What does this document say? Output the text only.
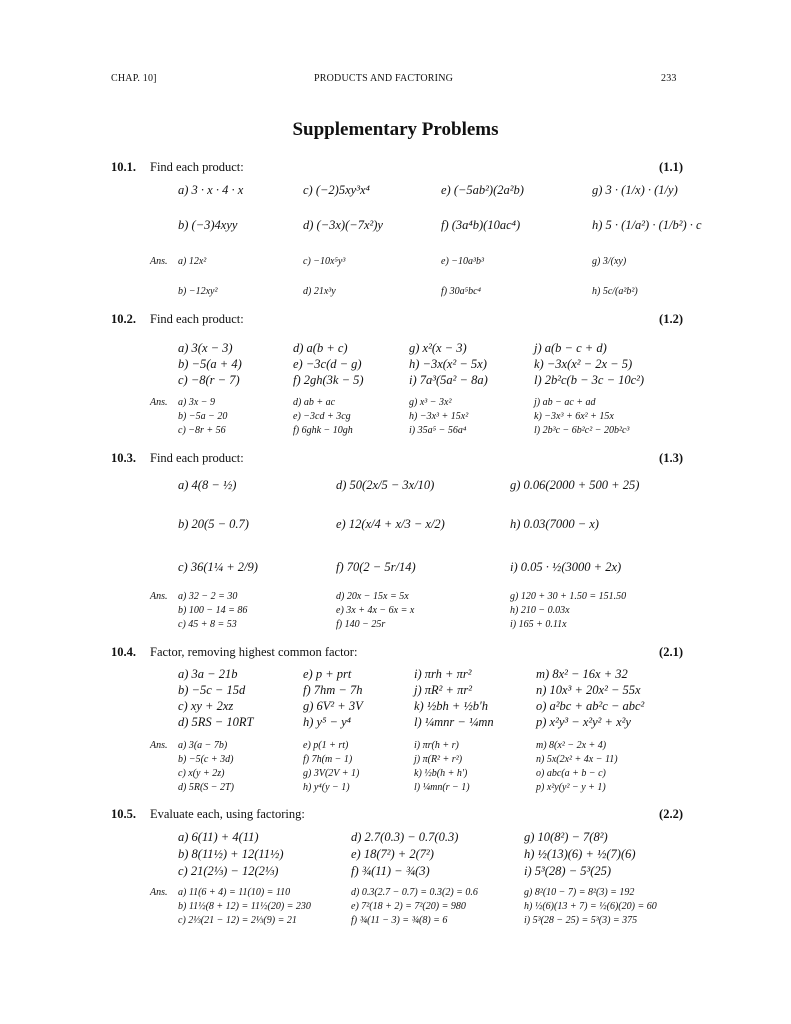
CHAP. 10]	PRODUCTS AND FACTORING	233
Supplementary Problems
10.1. Find each product:	(1.1)
a) 3 · x · 4 · x	c) (−2)5xy³x⁴	e) (−5ab²)(2a²b)	g) 3 · (1/x) · (1/y)
b) (−3)4xyy	d) (−3x)(−7x²)y	f) (3a⁴b)(10ac⁴)	h) 5 · (1/a²) · (1/b²) · c
Ans. a) 12x²	c) −10x⁵y³	e) −10a³b³	g) 3/(xy)
b) −12xy²	d) 21x³y	f) 30a⁵bc⁴	h) 5c/(a²b²)
10.2. Find each product:	(1.2)
a) 3(x − 3)	d) a(b + c)	g) x²(x − 3)	j) a(b − c + d)
b) −5(a + 4)	e) −3c(d − g)	h) −3x(x² − 5x)	k) −3x(x² − 2x − 5)
c) −8(r − 7)	f) 2gh(3k − 5)	i) 7a³(5a² − 8a)	l) 2b²c(b − 3c − 10c²)
Ans. a) 3x − 9	d) ab + ac	g) x³ − 3x²	j) ab − ac + ad
b) −5a − 20	e) −3cd + 3cg	h) −3x³ + 15x²	k) −3x³ + 6x² + 15x
c) −8r + 56	f) 6ghk − 10gh	i) 35a⁵ − 56a⁴	l) 2b³c − 6b²c² − 20b²c³
10.3. Find each product:	(1.3)
a) 4(8 − ½)	d) 50(2x/5 − 3x/10)	g) 0.06(2000 + 500 + 25)
b) 20(5 − 0.7)	e) 12(x/4 + x/3 − x/2)	h) 0.03(7000 − x)
c) 36(1¼ + 2/9)	f) 70(2 − 5r/14)	i) 0.05 · ½(3000 + 2x)
Ans. a) 32 − 2 = 30	d) 20x − 15x = 5x	g) 120 + 30 + 1.50 = 151.50
b) 100 − 14 = 86	e) 3x + 4x − 6x = x	h) 210 − 0.03x
c) 45 + 8 = 53	f) 140 − 25r	i) 165 + 0.11x
10.4. Factor, removing highest common factor:	(2.1)
a) 3a − 21b	e) p + prt	i) πrh + πr²	m) 8x² − 16x + 32
b) −5c − 15d	f) 7hm − 7h	j) πR² + πr²	n) 10x³ + 20x² − 55x
c) xy + 2xz	g) 6V² + 3V	k) ½bh + ½b′h	o) a²bc + ab²c − abc²
d) 5RS − 10RT	h) y⁵ − y⁴	l) ¼mnr − ¼mn	p) x²y³ − x²y² + x²y
Ans. a) 3(a − 7b)	e) p(1 + rt)	i) πr(h + r)	m) 8(x² − 2x + 4)
b) −5(c + 3d)	f) 7h(m − 1)	j) π(R² + r²)	n) 5x(2x² + 4x − 11)
c) x(y + 2z)	g) 3V(2V + 1)	k) ½b(h + h′)	o) abc(a + b − c)
d) 5R(S − 2T)	h) y⁴(y − 1)	l) ¼mn(r − 1)	p) x²y(y² − y + 1)
10.5. Evaluate each, using factoring:	(2.2)
a) 6(11) + 4(11)	d) 2.7(0.3) − 0.7(0.3)	g) 10(8²) − 7(8²)
b) 8(11½) + 12(11½)	e) 18(7²) + 2(7²)	h) ½(13)(6) + ½(7)(6)
c) 21(2⅓) − 12(2⅓)	f) ¾(11) − ¾(3)	i) 5³(28) − 5³(25)
Ans. a) 11(6 + 4) = 11(10) = 110	d) 0.3(2.7 − 0.7) = 0.3(2) = 0.6	g) 8²(10 − 7) = 8²(3) = 192
b) 11½(8 + 12) = 11½(20) = 230	e) 7²(18 + 2) = 7²(20) = 980	h) ½(6)(13 + 7) = ½(6)(20) = 60
c) 2⅓(21 − 12) = 2⅓(9) = 21	f) ¾(11 − 3) = ¾(8) = 6	i) 5³(28 − 25) = 5³(3) = 375
